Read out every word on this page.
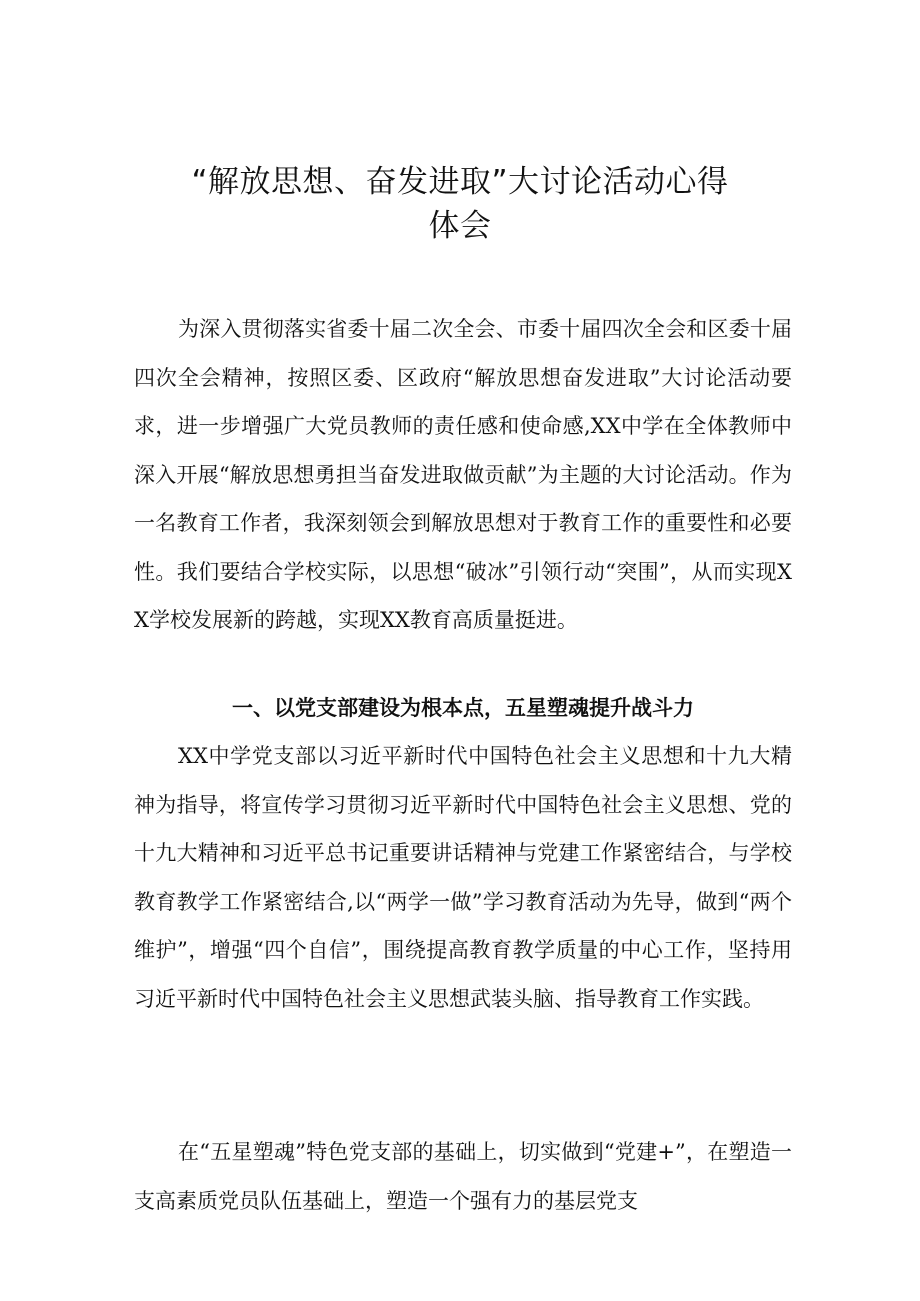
“解放思想、奋发进取”大讨论活动心得
体会

为深入贯彻落实省委十届二次全会、市委十届四次全会和区委十届四次全会精神，按照区委、区政府“解放思想奋发进取”大讨论活动要求，进一步增强广大党员教师的责任感和使命感,XX中学在全体教师中深入开展“解放思想勇担当奋发进取做贡献”为主题的大讨论活动。作为一名教育工作者，我深刻领会到解放思想对于教育工作的重要性和必要性。我们要结合学校实际，以思想“破冰”引领行动“突围”，从而实现XX学校发展新的跨越，实现XX教育高质量挺进。

一、以党支部建设为根本点，五星塑魂提升战斗力

XX中学党支部以习近平新时代中国特色社会主义思想和十九大精神为指导，将宣传学习贯彻习近平新时代中国特色社会主义思想、党的十九大精神和习近平总书记重要讲话精神与党建工作紧密结合，与学校教育教学工作紧密结合,以“两学一做”学习教育活动为先导，做到“两个维护”，增强“四个自信”，围绕提高教育教学质量的中心工作，坚持用习近平新时代中国特色社会主义思想武装头脑、指导教育工作实践。

在“五星塑魂”特色党支部的基础上，切实做到“党建+”，在塑造一支高素质党员队伍基础上，塑造一个强有力的基层党支
